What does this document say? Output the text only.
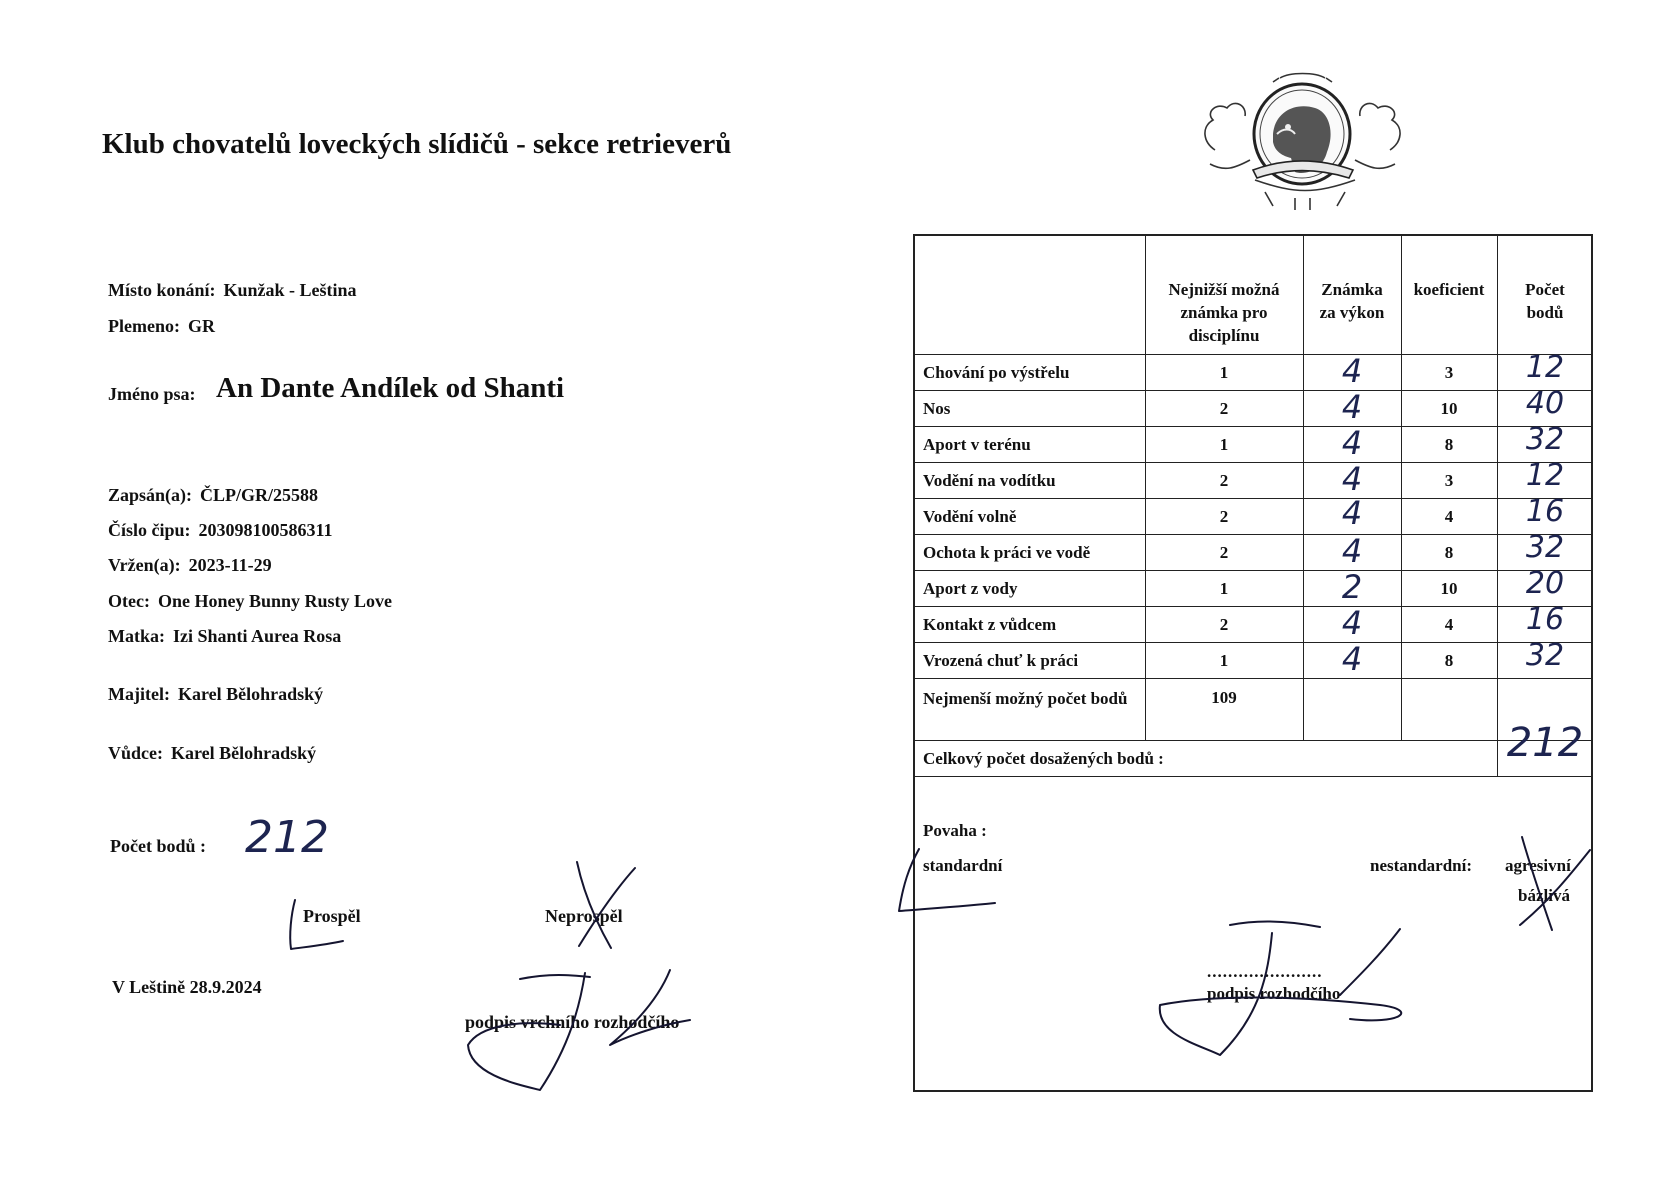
Klub chovatelů loveckých slídičů - sekce retrieverů
Místo konání: Kunžak - Leština
Plemeno: GR
Jméno psa: An Dante Andílek od Shanti
Zapsán(a): ČLP/GR/25588
Číslo čipu: 203098100586311
Vržen(a): 2023-11-29
Otec: One Honey Bunny Rusty Love
Matka: Izi Shanti Aurea Rosa
Majitel: Karel Bělohradský
Vůdce: Karel Bělohradský
Počet bodů : 212
Prospěl	Neprospěl
V Leštině 28.9.2024
podpis vrchního rozhodčího
Nejnižší možná známka pro disciplínu
Známka za výkon
koeficient	Počet bodů
Chování po výstřelu	1	4	3	12
Nos	2	4	10	40
Aport v terénu	1	4	8	32
Vodění na vodítku	2	4	3	12
Vodění volně	2	4	4	16
Ochota k práci ve vodě	2	4	8	32
Aport z vody	1	2	10	20
Kontakt z vůdcem	2	4	4	16
Vrozená chuť k práci	1	4	8	32
Nejmenší možný počet bodů	109
Celkový počet dosažených bodů :	212
Povaha :
standardní	nestandardní: agresivní
bázlivá
......................
podpis rozhodčího
